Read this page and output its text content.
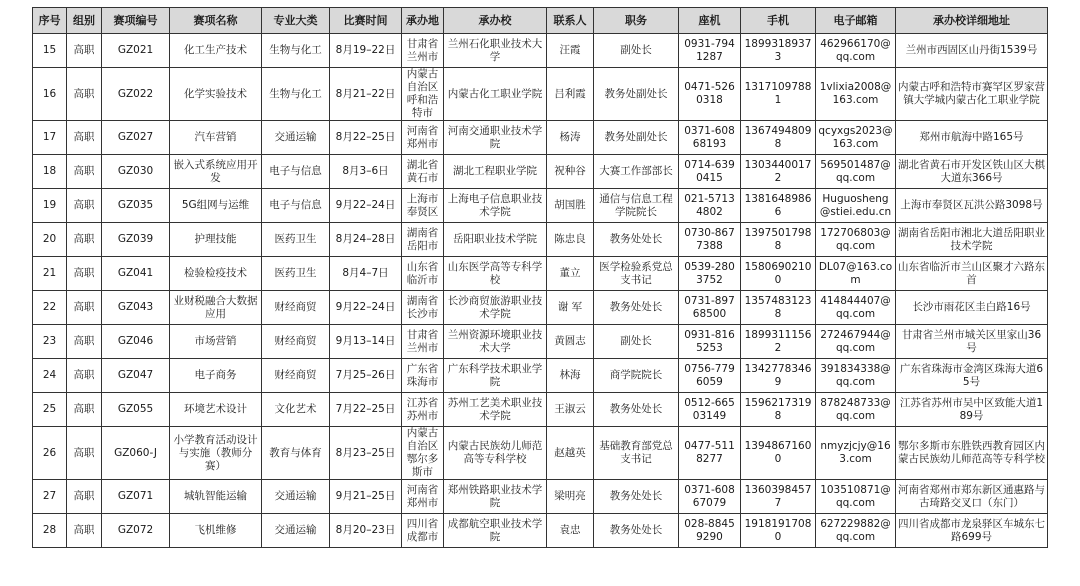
序号	组别	赛项编号	赛项名称	专业大类	比赛时间	承办地	承办校	联系人	职务	座机	手机	电子邮箱	承办校详细地址
15	高职	GZ021	化工生产技术	生物与化工	8月19–22日	甘肃省兰州市	兰州石化职业技术大学	汪霞	副处长	0931-7941287	18993189373	462966170@qq.com	兰州市西固区山丹街1539号
16	高职	GZ022	化学实验技术	生物与化工	8月21–22日	内蒙古自治区呼和浩特市	内蒙古化工职业学院	吕利霞	教务处副处长	0471-5260318	13171097881	1vlixia2008@163.com	内蒙古呼和浩特市赛罕区罗家营镇大学城内蒙古化工职业学院
17	高职	GZ027	汽车营销	交通运输	8月22–25日	河南省郑州市	河南交通职业技术学院	杨涛	教务处副处长	0371-60868193	13674948098	qcyxgs2023@163.com	郑州市航海中路165号
18	高职	GZ030	嵌入式系统应用开发	电子与信息	8月3–6日	湖北省黄石市	湖北工程职业学院	祝种谷	大赛工作部部长	0714-6390415	13034400172	569501487@qq.com	湖北省黄石市开发区铁山区大棋大道东366号
19	高职	GZ035	5G组网与运维	电子与信息	9月22–24日	上海市奉贤区	上海电子信息职业技术学院	胡国胜	通信与信息工程学院院长	021-57134802	13816489866	Huguosheng@stiei.edu.cn	上海市奉贤区瓦洪公路3098号
20	高职	GZ039	护理技能	医药卫生	8月24–28日	湖南省岳阳市	岳阳职业技术学院	陈忠良	教务处处长	0730-8677388	13975017988	172706803@qq.com	湖南省岳阳市湘北大道岳阳职业技术学院
21	高职	GZ041	检验检疫技术	医药卫生	8月4–7日	山东省临沂市	山东医学高等专科学校	董立	医学检验系党总支书记	0539-2803752	15806902100	DL07@163.com	山东省临沂市兰山区聚才六路东首
22	高职	GZ043	业财税融合大数据应用	财经商贸	9月22–24日	湖南省长沙市	长沙商贸旅游职业技术学院	谢 军	教务处处长	0731-89768500	13574831238	414844407@qq.com	长沙市雨花区圭白路16号
23	高职	GZ046	市场营销	财经商贸	9月13–14日	甘肃省兰州市	兰州资源环境职业技术大学	黄圆志	副处长	0931-8165253	18993111562	272467944@qq.com	甘肃省兰州市城关区里家山36号
24	高职	GZ047	电子商务	财经商贸	7月25–26日	广东省珠海市	广东科学技术职业学院	林海	商学院院长	0756-7796059	13427783469	391834338@qq.com	广东省珠海市金湾区珠海大道65号
25	高职	GZ055	环境艺术设计	文化艺术	7月22–25日	江苏省苏州市	苏州工艺美术职业技术学院	王淑云	教务处处长	0512-66503149	15962173198	878248733@qq.com	江苏省苏州市吴中区致能大道189号
26	高职	GZ060-J	小学教育活动设计与实施（教师分赛）	教育与体育	8月23–25日	内蒙古自治区鄂尔多斯市	内蒙古民族幼儿师范高等专科学校	赵越英	基础教育部党总支书记	0477-5118277	13948671600	nmyzjcjy@163.com	鄂尔多斯市东胜铁西教育园区内蒙古民族幼儿师范高等专科学校
27	高职	GZ071	城轨智能运输	交通运输	9月21–25日	河南省郑州市	郑州铁路职业技术学院	梁明亮	教务处处长	0371-60867079	13603984577	103510871@qq.com	河南省郑州市郑东新区通惠路与古琦路交叉口（东门）
28	高职	GZ072	飞机维修	交通运输	8月20–23日	四川省成都市	成都航空职业技术学院	袁忠	教务处处长	028-88459290	19181917080	627229882@qq.com	四川省成都市龙泉驿区车城东七路699号
